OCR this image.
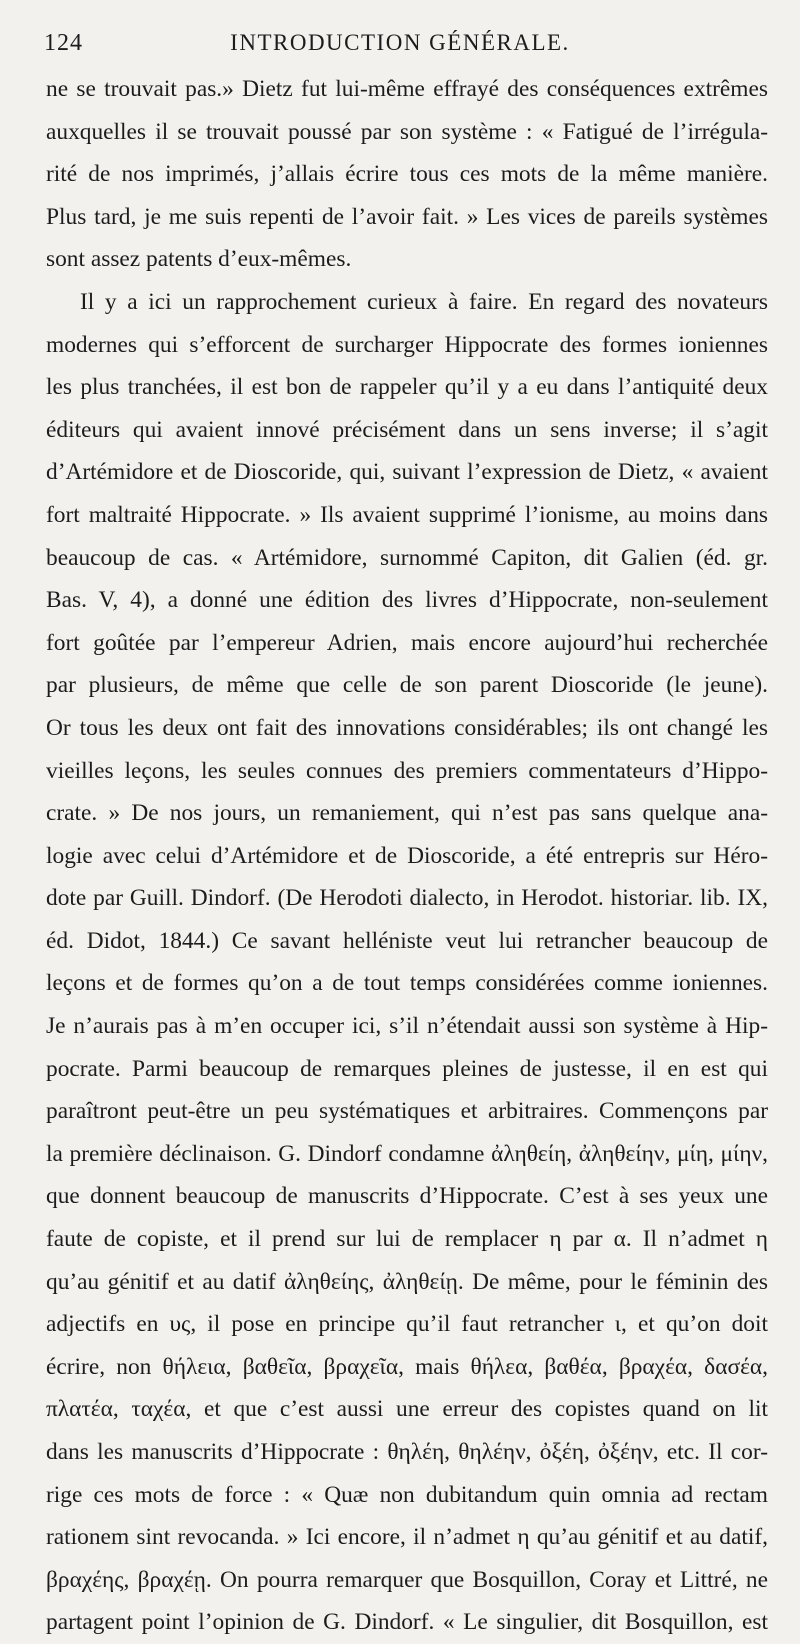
124	INTRODUCTION GÉNÉRALE.
ne se trouvait pas.» Dietz fut lui-même effrayé des conséquences extrêmes
auxquelles il se trouvait poussé par son système : « Fatigué de l’irrégula-
rité de nos imprimés, j’allais écrire tous ces mots de la même manière.
Plus tard, je me suis repenti de l’avoir fait. » Les vices de pareils systèmes
sont assez patents d’eux-mêmes.
Il y a ici un rapprochement curieux à faire. En regard des novateurs
modernes qui s’efforcent de surcharger Hippocrate des formes ioniennes
les plus tranchées, il est bon de rappeler qu’il y a eu dans l’antiquité deux
éditeurs qui avaient innové précisément dans un sens inverse; il s’agit
d’Artémidore et de Dioscoride, qui, suivant l’expression de Dietz, « avaient
fort maltraité Hippocrate. » Ils avaient supprimé l’ionisme, au moins dans
beaucoup de cas. « Artémidore, surnommé Capiton, dit Galien (éd. gr.
Bas. V, 4), a donné une édition des livres d’Hippocrate, non-seulement
fort goûtée par l’empereur Adrien, mais encore aujourd’hui recherchée
par plusieurs, de même que celle de son parent Dioscoride (le jeune).
Or tous les deux ont fait des innovations considérables; ils ont changé les
vieilles leçons, les seules connues des premiers commentateurs d’Hippo-
crate. » De nos jours, un remaniement, qui n’est pas sans quelque ana-
logie avec celui d’Artémidore et de Dioscoride, a été entrepris sur Héro-
dote par Guill. Dindorf. (De Herodoti dialecto, in Herodot. historiar. lib. IX,
éd. Didot, 1844.) Ce savant helléniste veut lui retrancher beaucoup de
leçons et de formes qu’on a de tout temps considérées comme ioniennes.
Je n’aurais pas à m’en occuper ici, s’il n’étendait aussi son système à Hip-
pocrate. Parmi beaucoup de remarques pleines de justesse, il en est qui
paraîtront peut-être un peu systématiques et arbitraires. Commençons par
la première déclinaison. G. Dindorf condamne ἀληθείη, ἀληθείην, μίη, μίην,
que donnent beaucoup de manuscrits d’Hippocrate. C’est à ses yeux une
faute de copiste, et il prend sur lui de remplacer η par α. Il n’admet η
qu’au génitif et au datif ἀληθείης, ἀληθείῃ. De même, pour le féminin des
adjectifs en υς, il pose en principe qu’il faut retrancher ι, et qu’on doit
écrire, non θήλεια, βαθεῖα, βραχεῖα, mais θήλεα, βαθέα, βραχέα, δασέα,
πλατέα, ταχέα, et que c’est aussi une erreur des copistes quand on lit
dans les manuscrits d’Hippocrate : θηλέη, θηλέην, ὀξέη, ὀξέην, etc. Il cor-
rige ces mots de force : « Quæ non dubitandum quin omnia ad rectam
rationem sint revocanda. » Ici encore, il n’admet η qu’au génitif et au datif,
βραχέης, βραχέῃ. On pourra remarquer que Bosquillon, Coray et Littré, ne
partagent point l’opinion de G. Dindorf. « Le singulier, dit Bosquillon, est
